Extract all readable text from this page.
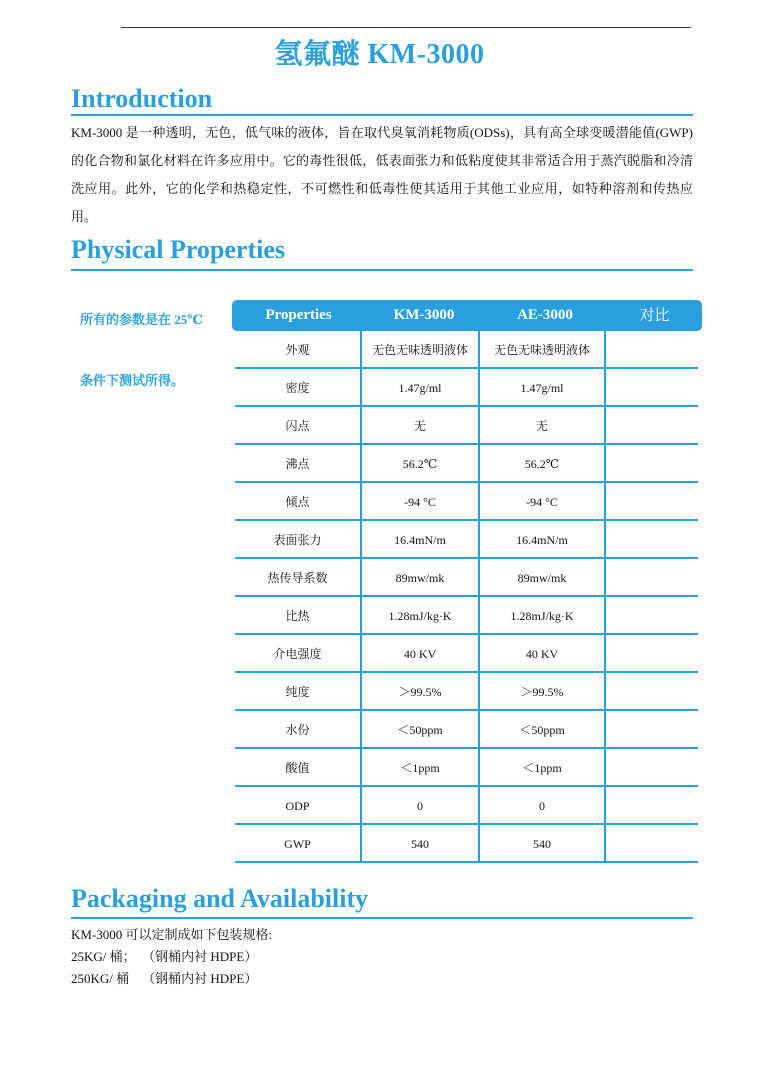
氢氟醚 KM-3000
Introduction

KM-3000 是一种透明，无色，低气味的液体，旨在取代臭氧消耗物质(ODSs)，具有高全球变暖潜能值(GWP)的化合物和氯化材料在许多应用中。它的毒性很低，低表面张力和低粘度使其非常适合用于蒸汽脱脂和冷清洗应用。此外，它的化学和热稳定性，不可燃性和低毒性使其适用于其他工业应用，如特种溶剂和传热应用。

Physical Properties
所有的参数是在 25℃
条件下测试所得。
Properties	KM-3000	AE-3000	对比
外观	无色无味透明液体	无色无味透明液体
密度	1.47g/ml	1.47g/ml
闪点	无	无
沸点	56.2℃	56.2℃
倾点	-94 °C	-94 °C
表面张力	16.4mN/m	16.4mN/m
热传导系数	89mw/mk	89mw/mk
比热	1.28mJ/kg·K	1.28mJ/kg·K
介电强度	40 KV	40 KV
纯度	＞99.5%	＞99.5%
水份	＜50ppm	＜50ppm
酸值	＜1ppm	＜1ppm
ODP	0	0
GWP	540	540
Packaging and Availability
KM-3000 可以定制成如下包装规格:
25KG/ 桶；  （钢桶内衬 HDPE）
250KG/ 桶    （钢桶内衬 HDPE）
